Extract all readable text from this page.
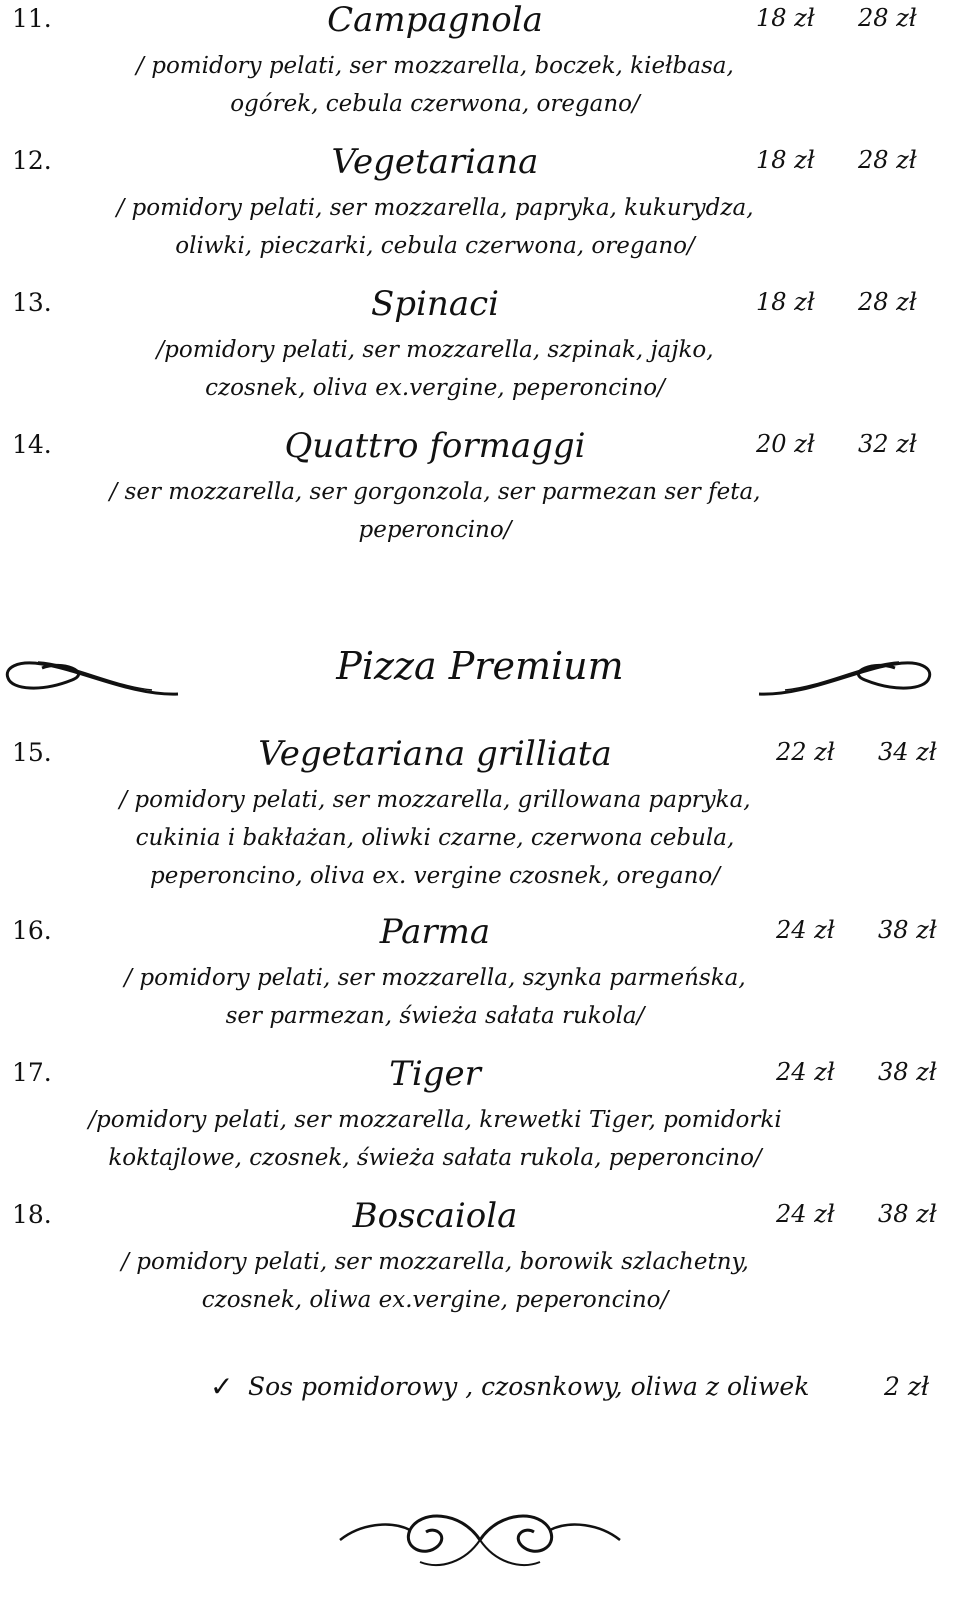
11.	Campagnola
/ pomidory pelati, ser mozzarella, boczek, kiełbasa,
ogórek, cebula czerwona, oregano/
18 zł 28 zł
12.	Vegetariana
/ pomidory pelati, ser mozzarella, papryka, kukurydza,
oliwki, pieczarki, cebula czerwona, oregano/
18 zł 28 zł
13.	Spinaci
/pomidory pelati, ser mozzarella, szpinak, jajko,
czosnek, oliva ex.vergine, peperoncino/
18 zł 28 zł
14.	Quattro formaggi
/ ser mozzarella, ser gorgonzola, ser parmezan ser feta,
peperoncino/
20 zł 32 zł
Pizza Premium
15.	Vegetariana grilliata
/ pomidory pelati, ser mozzarella, grillowana papryka,
cukinia i bakłażan, oliwki czarne, czerwona cebula,
peperoncino, oliva ex. vergine czosnek, oregano/
22 zł 34 zł
16.	Parma
/ pomidory pelati, ser mozzarella, szynka parmeńska,
ser parmezan, świeża sałata rukola/
24 zł 38 zł
17.	Tiger
/pomidory pelati, ser mozzarella, krewetki Tiger, pomidorki
koktajlowe, czosnek, świeża sałata rukola, peperoncino/
24 zł 38 zł
18.	Boscaiola
/ pomidory pelati, ser mozzarella, borowik szlachetny,
czosnek, oliwa ex.vergine, peperoncino/
24 zł 38 zł
✓ Sos pomidorowy , czosnkowy, oliwa z oliwek	2 zł
